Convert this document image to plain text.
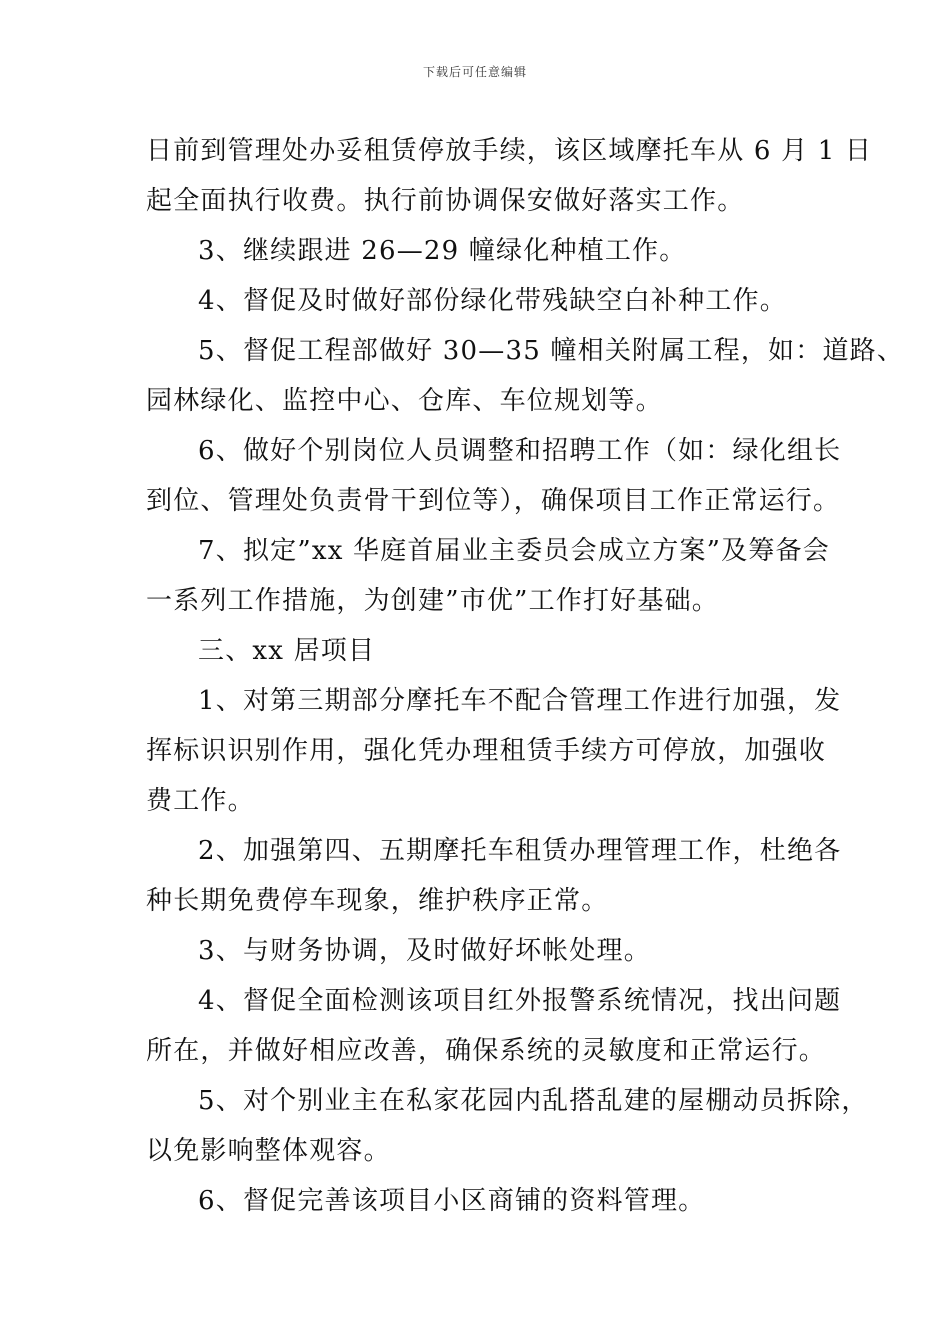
下载后可任意编辑

日前到管理处办妥租赁停放手续，该区域摩托车从 6 月 1 日

起全面执行收费。执行前协调保安做好落实工作。

3、继续跟进 26—29 幢绿化种植工作。

4、督促及时做好部份绿化带残缺空白补种工作。

5、督促工程部做好 30—35 幢相关附属工程，如：道路、

园林绿化、监控中心、仓库、车位规划等。

6、做好个别岗位人员调整和招聘工作（如：绿化组长

到位、管理处负责骨干到位等），确保项目工作正常运行。

7、拟定”xx 华庭首届业主委员会成立方案”及筹备会

一系列工作措施，为创建”市优”工作打好基础。

三、xx 居项目

1、对第三期部分摩托车不配合管理工作进行加强，发

挥标识识别作用，强化凭办理租赁手续方可停放，加强收

费工作。

2、加强第四、五期摩托车租赁办理管理工作，杜绝各

种长期免费停车现象，维护秩序正常。

3、与财务协调，及时做好坏帐处理。

4、督促全面检测该项目红外报警系统情况，找出问题

所在，并做好相应改善，确保系统的灵敏度和正常运行。

5、对个别业主在私家花园内乱搭乱建的屋棚动员拆除，

以免影响整体观容。

6、督促完善该项目小区商铺的资料管理。
